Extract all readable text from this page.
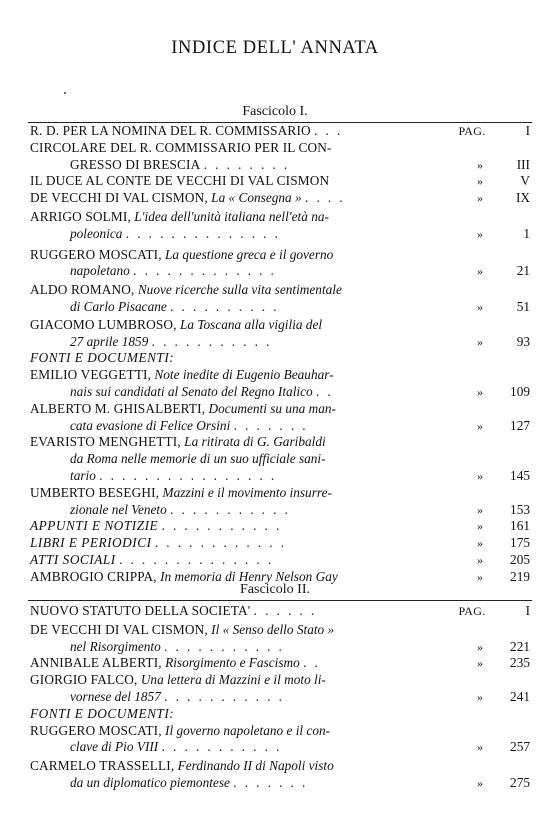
INDICE DELL' ANNATA
Fascicolo I.
R. D. PER LA NOMINA DEL R. COMMISSARIO . . .	PAG.	I
CIRCOLARE DEL R. COMMISSARIO PER IL CON-
GRESSO DI BRESCIA . . . . . . . .	»	III
IL DUCE AL CONTE DE VECCHI DI VAL CISMON	»	V
DE VECCHI DI VAL CISMON, La « Consegna » . . . .	»	IX
ARRIGO SOLMI, L'idea dell'unità italiana nell'età na-
poleonica . . . . . . . . . . . . . .	»	1
RUGGERO MOSCATI, La questione greca e il governo
napoletano . . . . . . . . . . . . .	»	21
ALDO ROMANO, Nuove ricerche sulla vita sentimentale
di Carlo Pisacane . . . . . . . . . .	»	51
GIACOMO LUMBROSO, La Toscana alla vigilia del
27 aprile 1859 . . . . . . . . . . .	»	93
FONTI E DOCUMENTI:
EMILIO VEGGETTI, Note inedite di Eugenio Beauhar-
nais sui candidati al Senato del Regno Italico . .	»	109
ALBERTO M. GHISALBERTI, Documenti su una man-
cata evasione di Felice Orsini . . . . . . .	»	127
EVARISTO MENGHETTI, La ritirata di G. Garibaldi
da Roma nelle memorie di un suo ufficiale sani-
tario . . . . . . . . . . . . . . . .	»	145
UMBERTO BESEGHI, Mazzini e il movimento insurre-
zionale nel Veneto . . . . . . . . . . .	»	153
APPUNTI E NOTIZIE . . . . . . . . . . .	»	161
LIBRI E PERIODICI . . . . . . . . . . . .	»	175
ATTI SOCIALI . . . . . . . . . . . . . .	»	205
AMBROGIO CRIPPA, In memoria di Henry Nelson Gay	»	219
Fascicolo II.
NUOVO STATUTO DELLA SOCIETA' . . . . . .	PAG.	I
DE VECCHI DI VAL CISMON, Il « Senso dello Stato »
nel Risorgimento . . . . . . . . . . .	»	221
ANNIBALE ALBERTI, Risorgimento e Fascismo . .	»	235
GIORGIO FALCO, Una lettera di Mazzini e il moto li-
vornese del 1857 . . . . . . . . . . .	»	241
FONTI E DOCUMENTI:
RUGGERO MOSCATI, Il governo napoletano e il con-
clave di Pio VIII . . . . . . . . . . .	»	257
CARMELO TRASSELLI, Ferdinando II di Napoli visto
da un diplomatico piemontese . . . . . . .	»	275
